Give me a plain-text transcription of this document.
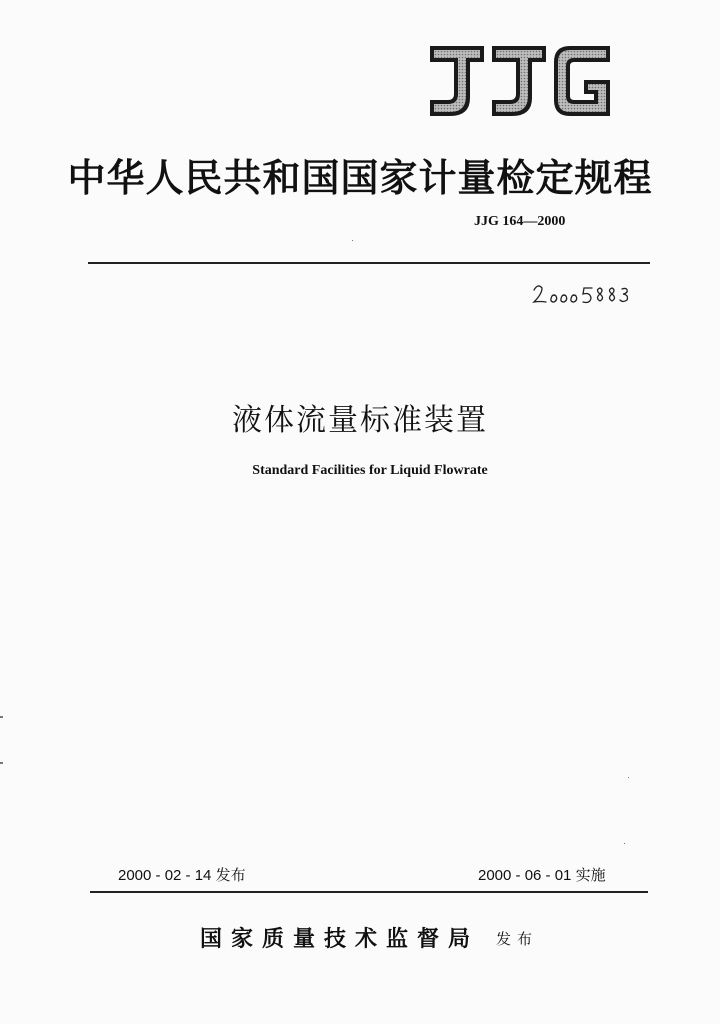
中华人民共和国国家计量检定规程
JJG 164—2000
液体流量标准装置
Standard Facilities for Liquid Flowrate
2000 - 02 - 14 发布	2000 - 06 - 01 实施
国家质量技术监督局 发布
